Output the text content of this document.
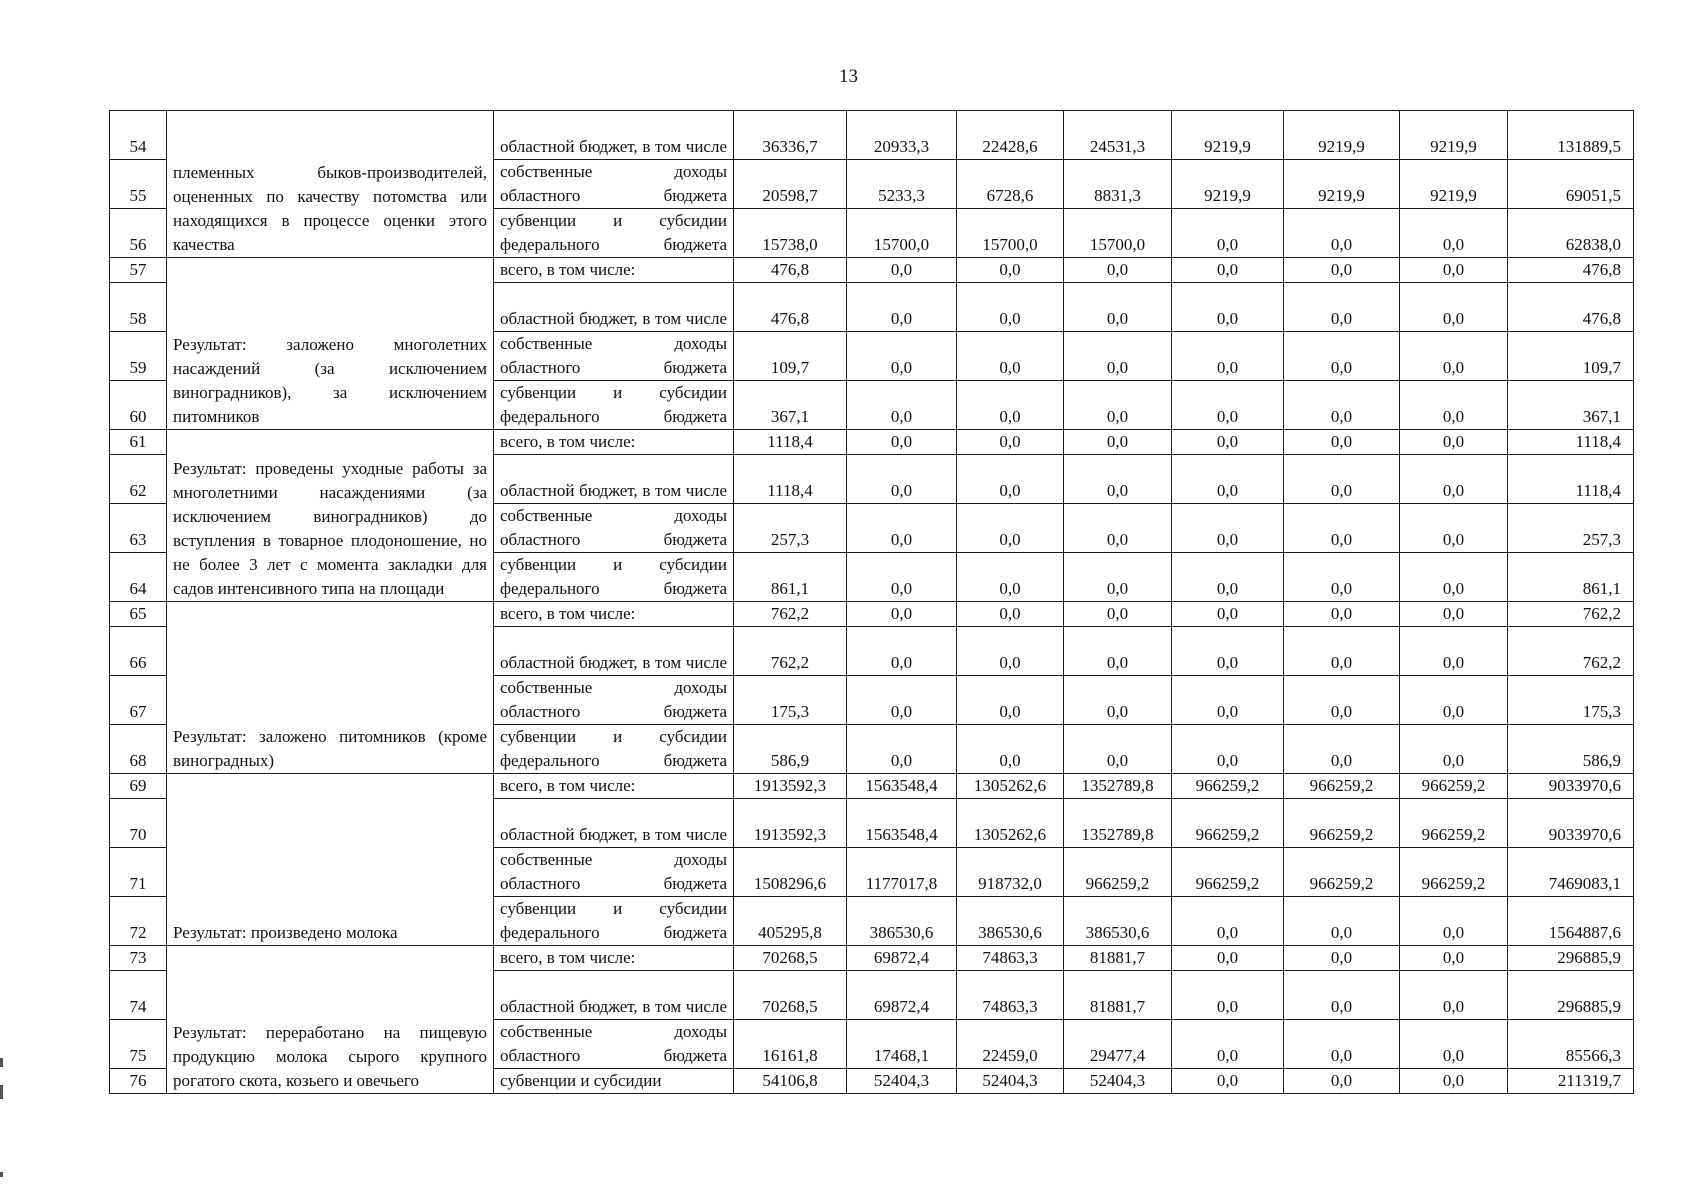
13
54	племенных быков-производителей, оцененных по качеству потомства или находящихся в процессе оценки этого качества	областной бюджет, в том числе	36336,7	20933,3	22428,6	24531,3	9219,9	9219,9	9219,9	131889,5
55		собственные доходы областного бюджета	20598,7	5233,3	6728,6	8831,3	9219,9	9219,9	9219,9	69051,5
56		субвенции и субсидии федерального бюджета	15738,0	15700,0	15700,0	15700,0	0,0	0,0	0,0	62838,0
57	Результат: заложено многолетних насаждений (за исключением виноградников), за исключением питомников	всего, в том числе:	476,8	0,0	0,0	0,0	0,0	0,0	0,0	476,8
58		областной бюджет, в том числе	476,8	0,0	0,0	0,0	0,0	0,0	0,0	476,8
59		собственные доходы областного бюджета	109,7	0,0	0,0	0,0	0,0	0,0	0,0	109,7
60		субвенции и субсидии федерального бюджета	367,1	0,0	0,0	0,0	0,0	0,0	0,0	367,1
61	Результат: проведены уходные работы за многолетними насаждениями (за исключением виноградников) до вступления в товарное плодоношение, но не более 3 лет с момента закладки для садов интенсивного типа на площади	всего, в том числе:	1118,4	0,0	0,0	0,0	0,0	0,0	0,0	1118,4
62		областной бюджет, в том числе	1118,4	0,0	0,0	0,0	0,0	0,0	0,0	1118,4
63		собственные доходы областного бюджета	257,3	0,0	0,0	0,0	0,0	0,0	0,0	257,3
64		субвенции и субсидии федерального бюджета	861,1	0,0	0,0	0,0	0,0	0,0	0,0	861,1
65	Результат: заложено питомников (кроме виноградных)	всего, в том числе:	762,2	0,0	0,0	0,0	0,0	0,0	0,0	762,2
66		областной бюджет, в том числе	762,2	0,0	0,0	0,0	0,0	0,0	0,0	762,2
67		собственные доходы областного бюджета	175,3	0,0	0,0	0,0	0,0	0,0	0,0	175,3
68		субвенции и субсидии федерального бюджета	586,9	0,0	0,0	0,0	0,0	0,0	0,0	586,9
69	Результат: произведено молока	всего, в том числе:	1913592,3	1563548,4	1305262,6	1352789,8	966259,2	966259,2	966259,2	9033970,6
70		областной бюджет, в том числе	1913592,3	1563548,4	1305262,6	1352789,8	966259,2	966259,2	966259,2	9033970,6
71		собственные доходы областного бюджета	1508296,6	1177017,8	918732,0	966259,2	966259,2	966259,2	966259,2	7469083,1
72		субвенции и субсидии федерального бюджета	405295,8	386530,6	386530,6	386530,6	0,0	0,0	0,0	1564887,6
73	Результат: переработано на пищевую продукцию молока сырого крупного рогатого скота, козьего и овечьего	всего, в том числе:	70268,5	69872,4	74863,3	81881,7	0,0	0,0	0,0	296885,9
74		областной бюджет, в том числе	70268,5	69872,4	74863,3	81881,7	0,0	0,0	0,0	296885,9
75		собственные доходы областного бюджета	16161,8	17468,1	22459,0	29477,4	0,0	0,0	0,0	85566,3
76		субвенции и субсидии	54106,8	52404,3	52404,3	52404,3	0,0	0,0	0,0	211319,7
